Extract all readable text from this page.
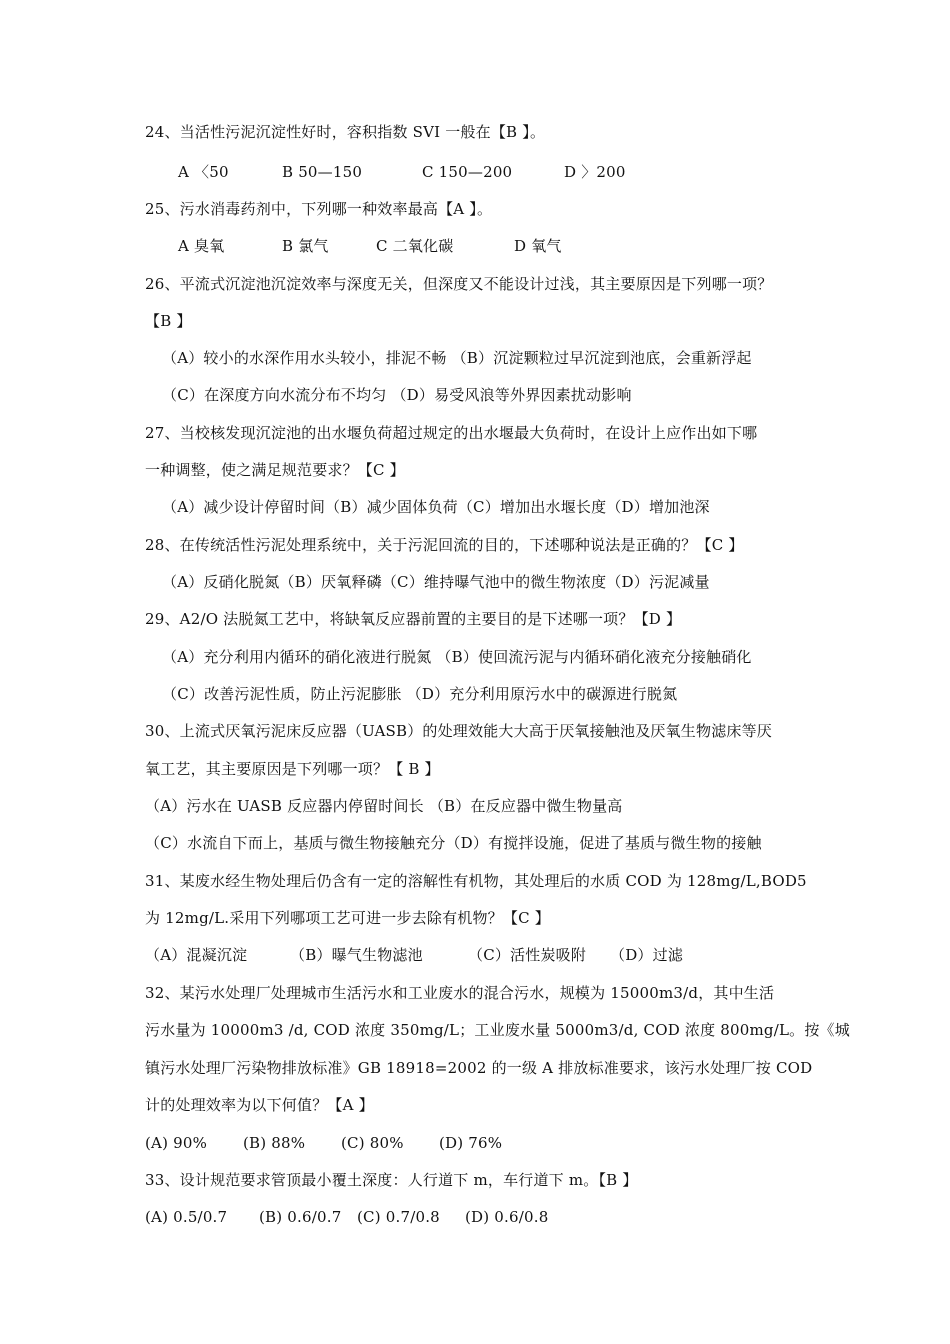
24、当活性污泥沉淀性好时，容积指数 SVI 一般在【B 】。
A 〈50	B 50—150	C 150—200	D 〉200
25、污水消毒药剂中，下列哪一种效率最高【A 】。
A 臭氧	B 氯气	C 二氧化碳	D 氧气
26、平流式沉淀池沉淀效率与深度无关，但深度又不能设计过浅，其主要原因是下列哪一项？
【B 】
（A）较小的水深作用水头较小，排泥不畅 （B）沉淀颗粒过早沉淀到池底，会重新浮起
（C）在深度方向水流分布不均匀 （D）易受风浪等外界因素扰动影响
27、当校核发现沉淀池的出水堰负荷超过规定的出水堰最大负荷时，在设计上应作出如下哪
一种调整，使之满足规范要求？【C 】
（A）减少设计停留时间（B）减少固体负荷（C）增加出水堰长度（D）增加池深
28、在传统活性污泥处理系统中，关于污泥回流的目的，下述哪种说法是正确的？【C 】
（A）反硝化脱氮（B）厌氧释磷（C）维持曝气池中的微生物浓度（D）污泥减量
29、A2/O 法脱氮工艺中，将缺氧反应器前置的主要目的是下述哪一项？【D 】
（A）充分利用内循环的硝化液进行脱氮 （B）使回流污泥与内循环硝化液充分接触硝化
（C）改善污泥性质，防止污泥膨胀 （D）充分利用原污水中的碳源进行脱氮
30、上流式厌氧污泥床反应器（UASB）的处理效能大大高于厌氧接触池及厌氧生物滤床等厌
氧工艺，其主要原因是下列哪一项？【 B 】
（A）污水在 UASB 反应器内停留时间长 （B）在反应器中微生物量高
（C）水流自下而上，基质与微生物接触充分（D）有搅拌设施，促进了基质与微生物的接触
31、某废水经生物处理后仍含有一定的溶解性有机物，其处理后的水质 COD 为 128mg/L,BOD5
为 12mg/L.采用下列哪项工艺可进一步去除有机物？【C 】
（A）混凝沉淀	（B）曝气生物滤池	（C）活性炭吸附 （D）过滤
32、某污水处理厂处理城市生活污水和工业废水的混合污水，规模为 15000m3/d，其中生活
污水量为 10000m3 /d, COD 浓度 350mg/L；工业废水量 5000m3/d, COD 浓度 800mg/L。按《城
镇污水处理厂污染物排放标准》GB 18918=2002 的一级 A 排放标准要求，该污水处理厂按 COD
计的处理效率为以下何值？【A 】
(A) 90% (B) 88% (C) 80% (D) 76%
33、设计规范要求管顶最小覆土深度：人行道下 m，车行道下 m。【B 】
(A) 0.5/0.7 (B) 0.6/0.7 (C) 0.7/0.8 (D) 0.6/0.8
